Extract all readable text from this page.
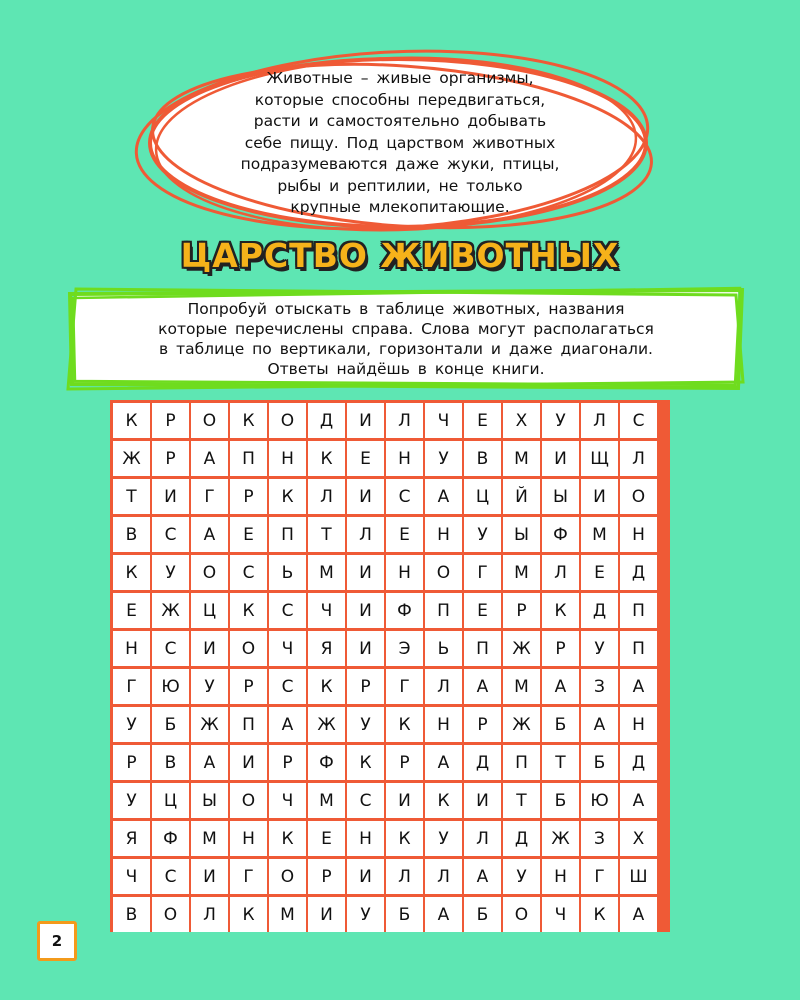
Животные – живые организмы,
которые способны передвигаться,
расти и самостоятельно добывать
себе пищу. Под царством животных
подразумеваются даже жуки, птицы,
рыбы и рептилии, не только
крупные млекопитающие.
ЦАРСТВО ЖИВОТНЫХ
Попробуй отыскать в таблице животных, названия
которые перечислены справа. Слова могут располагаться
в таблице по вертикали, горизонтали и даже диагонали.
Ответы найдёшь в конце книги.
К	Р	О	К	О	Д	И	Л	Ч	Е	Х	У	Л	С
Ж	Р	А	П	Н	К	Е	Н	У	В	М	И	Щ	Л
Т	И	Г	Р	К	Л	И	С	А	Ц	Й	Ы	И	О
В	С	А	Е	П	Т	Л	Е	Н	У	Ы	Ф	М	Н
К	У	О	С	Ь	М	И	Н	О	Г	М	Л	Е	Д
Е	Ж	Ц	К	С	Ч	И	Ф	П	Е	Р	К	Д	П
Н	С	И	О	Ч	Я	И	Э	Ь	П	Ж	Р	У	П
Г	Ю	У	Р	С	К	Р	Г	Л	А	М	А	З	А
У	Б	Ж	П	А	Ж	У	К	Н	Р	Ж	Б	А	Н
Р	В	А	И	Р	Ф	К	Р	А	Д	П	Т	Б	Д
У	Ц	Ы	О	Ч	М	С	И	К	И	Т	Б	Ю	А
Я	Ф	М	Н	К	Е	Н	К	У	Л	Д	Ж	З	Х
Ч	С	И	Г	О	Р	И	Л	Л	А	У	Н	Г	Ш
В	О	Л	К	М	И	У	Б	А	Б	О	Ч	К	А
2
